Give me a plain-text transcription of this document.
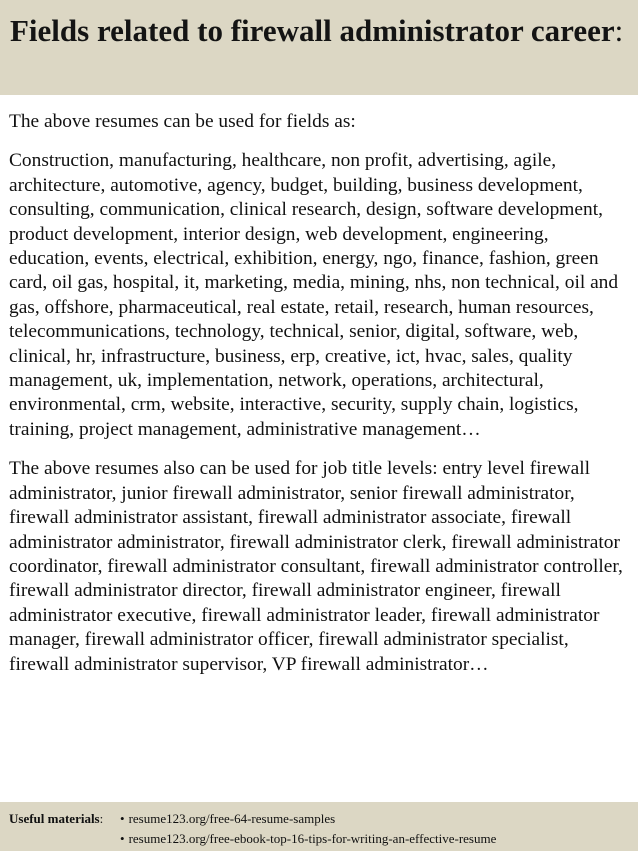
Fields related to firewall administrator career:

The above resumes can be used for fields as:

Construction, manufacturing, healthcare, non profit, advertising, agile, architecture, automotive, agency, budget, building, business development, consulting, communication, clinical research, design, software development, product development, interior design, web development, engineering, education, events, electrical, exhibition, energy, ngo, finance, fashion, green card, oil gas, hospital, it, marketing, media, mining, nhs, non technical, oil and gas, offshore, pharmaceutical, real estate, retail, research, human resources, telecommunications, technology, technical, senior, digital, software, web, clinical, hr, infrastructure, business, erp, creative, ict, hvac, sales, quality management, uk, implementation, network, operations, architectural, environmental, crm, website, interactive, security, supply chain, logistics, training, project management, administrative management…

The above resumes also can be used for job title levels: entry level firewall administrator, junior firewall administrator, senior firewall administrator, firewall administrator assistant, firewall administrator associate, firewall administrator administrator, firewall administrator clerk, firewall administrator coordinator, firewall administrator consultant, firewall administrator controller, firewall administrator director, firewall administrator engineer, firewall administrator executive, firewall administrator leader, firewall administrator manager, firewall administrator officer, firewall administrator specialist, firewall administrator supervisor, VP firewall administrator…

Useful materials:	• resume123.org/free-64-resume-samples
• resume123.org/free-ebook-top-16-tips-for-writing-an-effective-resume
